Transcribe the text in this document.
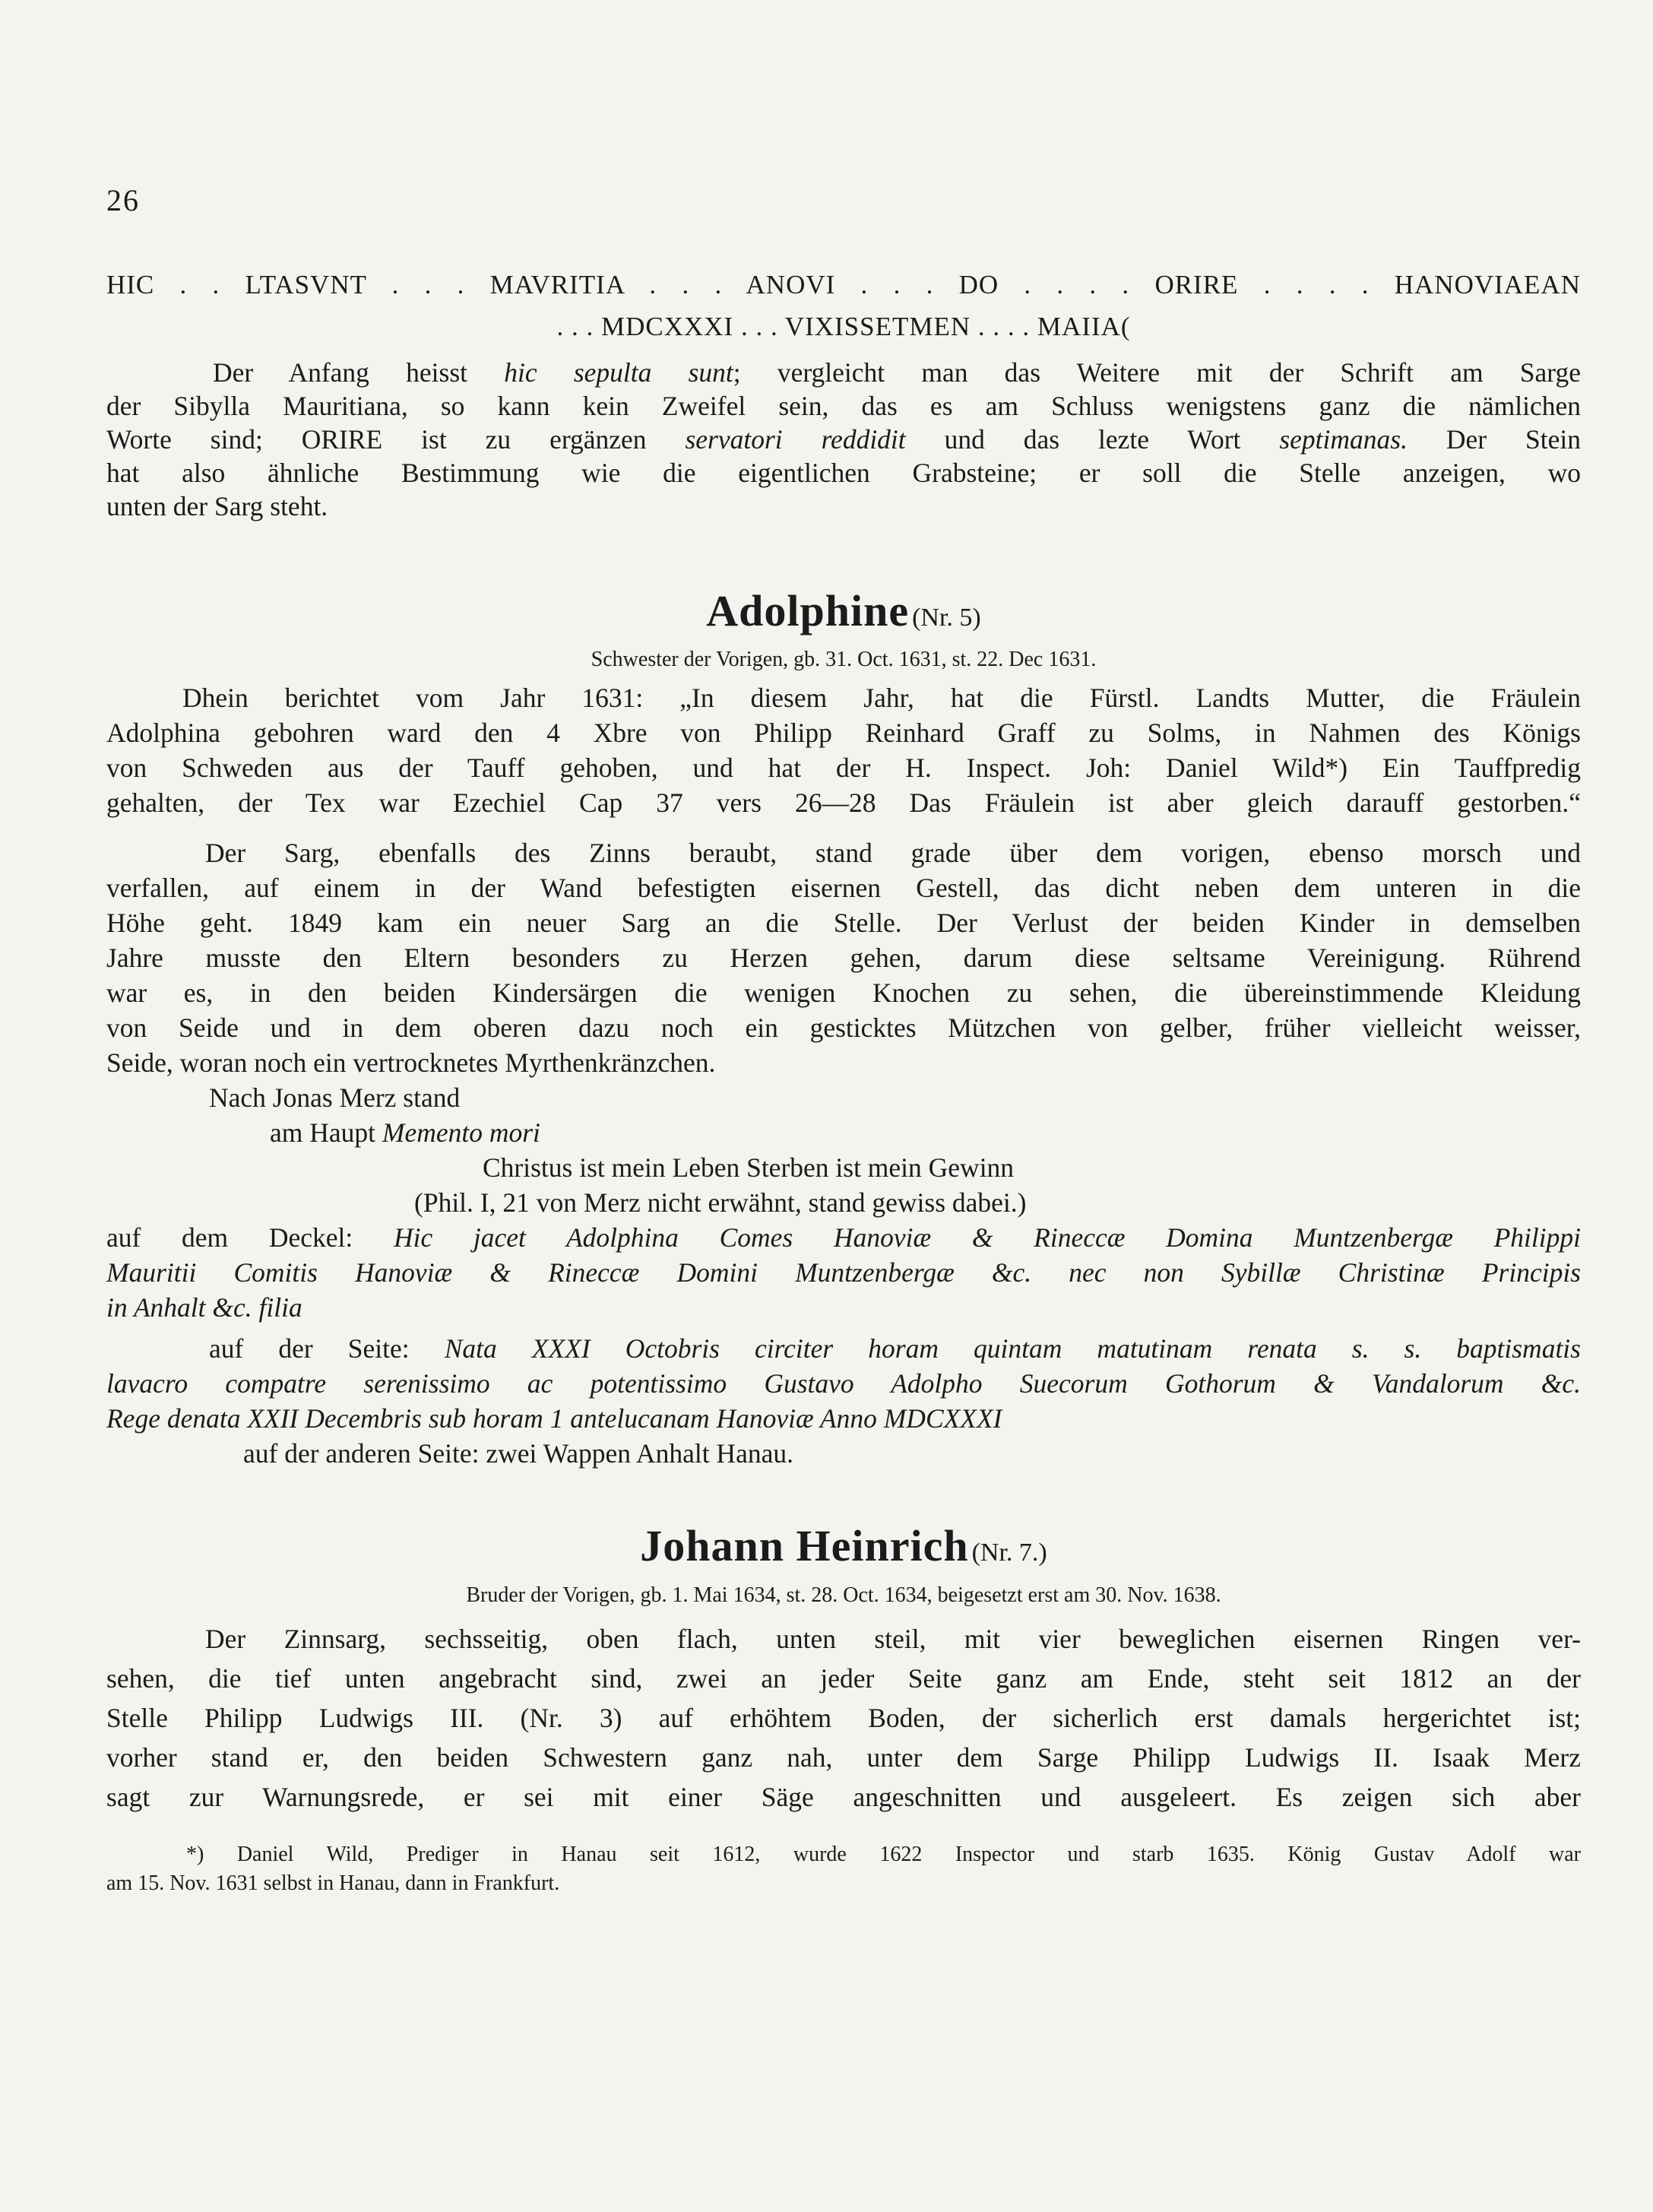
26
HIC . . LTASVNT . . . MAVRITIA . . . ANOVI . . . DO . . . . ORIRE . . . . HANOVIAEAN
. . . MDCXXXI . . . VIXISSETMEN . . . . MAIIA(
Der Anfang heisst hic sepulta sunt; vergleicht man das Weitere mit der Schrift am Sarge
der Sibylla Mauritiana, so kann kein Zweifel sein, das es am Schluss wenigstens ganz die nämlichen
Worte sind; ORIRE ist zu ergänzen servatori reddidit und das lezte Wort septimanas. Der Stein
hat also ähnliche Bestimmung wie die eigentlichen Grabsteine; er soll die Stelle anzeigen, wo
unten der Sarg steht.
Adolphine (Nr. 5)
Schwester der Vorigen, gb. 31. Oct. 1631, st. 22. Dec 1631.
Dhein berichtet vom Jahr 1631: „In diesem Jahr, hat die Fürstl. Landts Mutter, die Fräulein
Adolphina gebohren ward den 4 Xbre von Philipp Reinhard Graff zu Solms, in Nahmen des Königs
von Schweden aus der Tauff gehoben, und hat der H. Inspect. Joh: Daniel Wild*) Ein Tauffpredig
gehalten, der Tex war Ezechiel Cap 37 vers 26—28 Das Fräulein ist aber gleich darauff gestorben.“
Der Sarg, ebenfalls des Zinns beraubt, stand grade über dem vorigen, ebenso morsch und
verfallen, auf einem in der Wand befestigten eisernen Gestell, das dicht neben dem unteren in die
Höhe geht. 1849 kam ein neuer Sarg an die Stelle. Der Verlust der beiden Kinder in demselben
Jahre musste den Eltern besonders zu Herzen gehen, darum diese seltsame Vereinigung. Rührend
war es, in den beiden Kindersärgen die wenigen Knochen zu sehen, die übereinstimmende Kleidung
von Seide und in dem oberen dazu noch ein gesticktes Mützchen von gelber, früher vielleicht weisser,
Seide, woran noch ein vertrocknetes Myrthenkränzchen.
Nach Jonas Merz stand
am Haupt Memento mori
Christus ist mein Leben Sterben ist mein Gewinn
(Phil. I, 21 von Merz nicht erwähnt, stand gewiss dabei.)
auf dem Deckel: Hic jacet Adolphina Comes Hanoviæ & Rineccæ Domina Muntzenbergæ Philippi
Mauritii Comitis Hanoviæ & Rineccæ Domini Muntzenbergæ &c. nec non Sybillæ Christinæ Principis
in Anhalt &c. filia
auf der Seite: Nata XXXI Octobris circiter horam quintam matutinam renata s. s. baptismatis
lavacro compatre serenissimo ac potentissimo Gustavo Adolpho Suecorum Gothorum & Vandalorum &c.
Rege denata XXII Decembris sub horam 1 antelucanam Hanoviæ Anno MDCXXXI
auf der anderen Seite: zwei Wappen Anhalt Hanau.
Johann Heinrich (Nr. 7.)
Bruder der Vorigen, gb. 1. Mai 1634, st. 28. Oct. 1634, beigesetzt erst am 30. Nov. 1638.
Der Zinnsarg, sechsseitig, oben flach, unten steil, mit vier beweglichen eisernen Ringen ver-
sehen, die tief unten angebracht sind, zwei an jeder Seite ganz am Ende, steht seit 1812 an der
Stelle Philipp Ludwigs III. (Nr. 3) auf erhöhtem Boden, der sicherlich erst damals hergerichtet ist;
vorher stand er, den beiden Schwestern ganz nah, unter dem Sarge Philipp Ludwigs II. Isaak Merz
sagt zur Warnungsrede, er sei mit einer Säge angeschnitten und ausgeleert. Es zeigen sich aber
*) Daniel Wild, Prediger in Hanau seit 1612, wurde 1622 Inspector und starb 1635. König Gustav Adolf war
am 15. Nov. 1631 selbst in Hanau, dann in Frankfurt.
